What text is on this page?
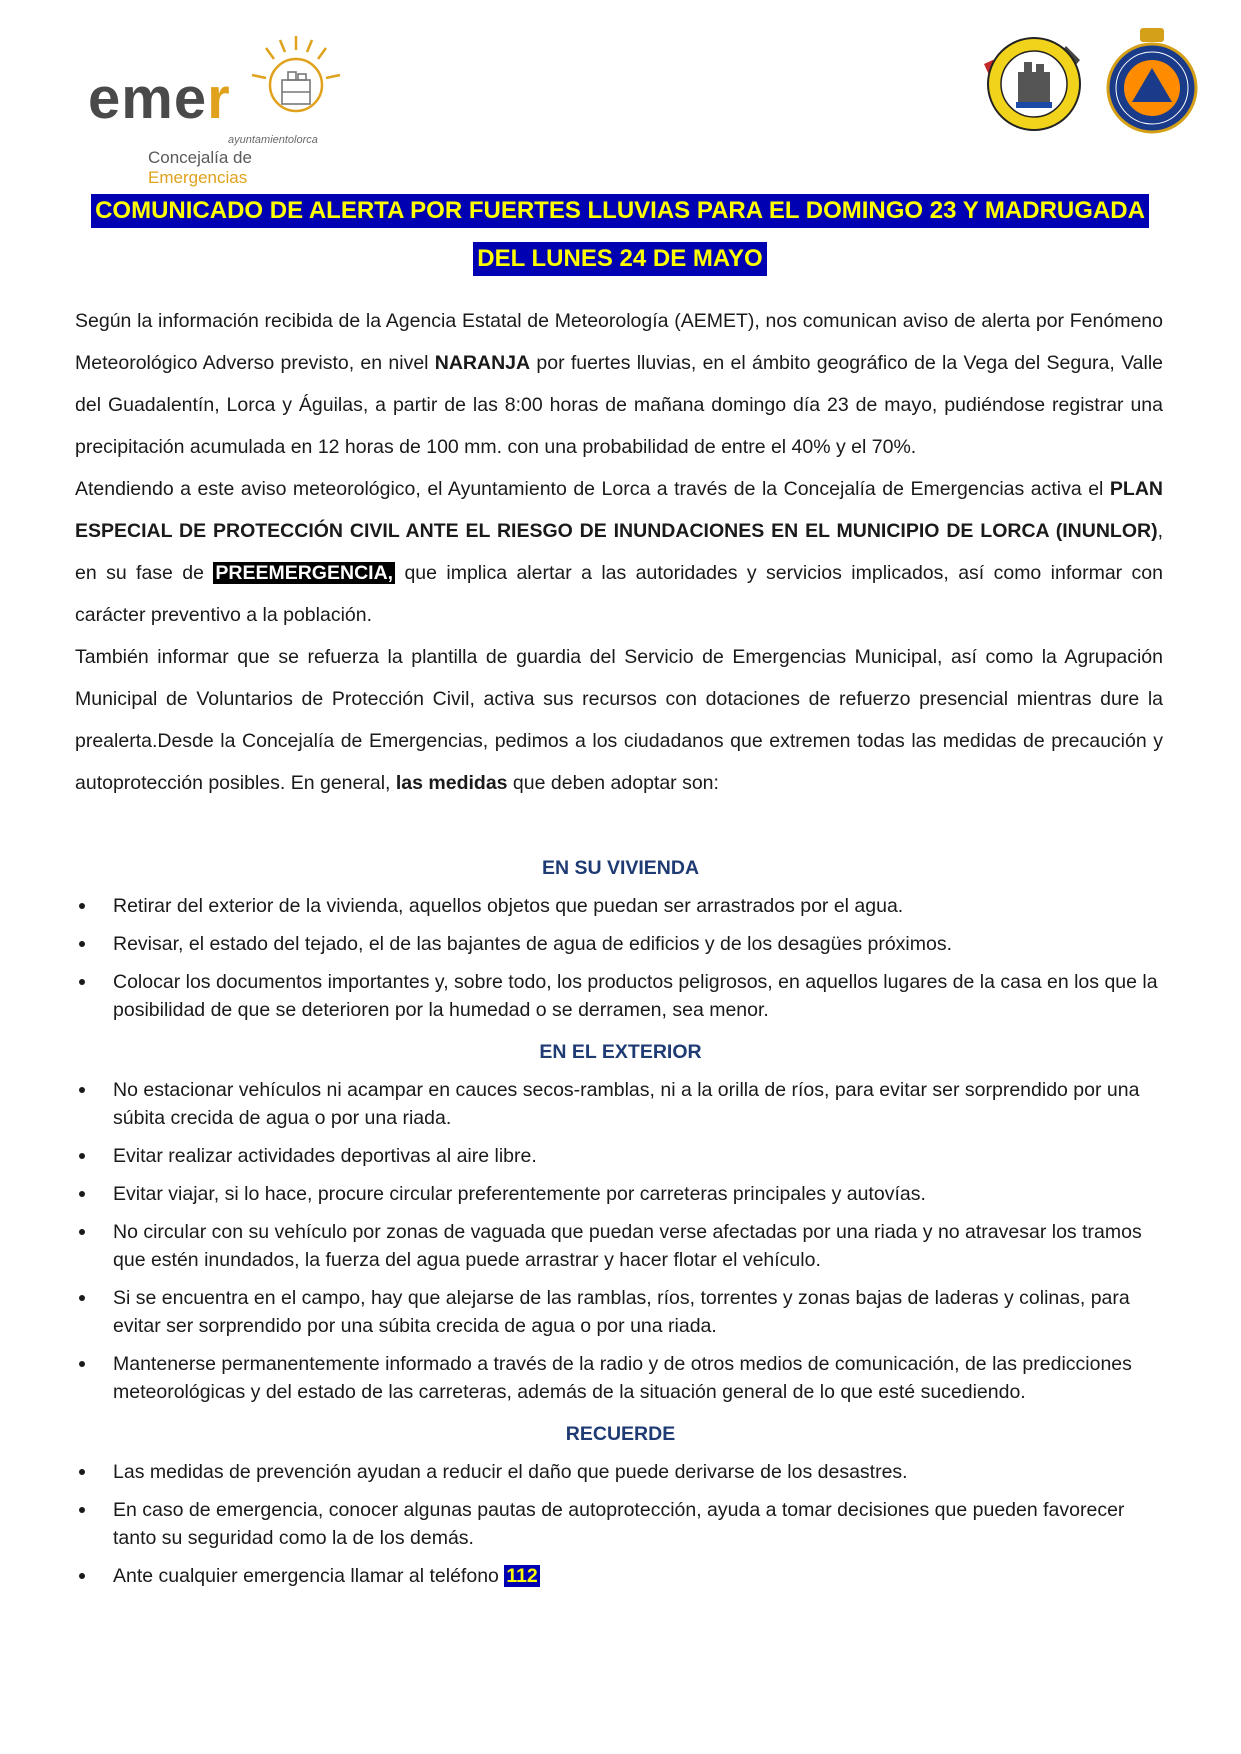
emer
ayuntamientolorca
Concejalía de Emergencias
COMUNICADO DE ALERTA POR FUERTES LLUVIAS PARA EL DOMINGO 23 Y MADRUGADA
DEL LUNES 24 DE MAYO

Según la información recibida de la Agencia Estatal de Meteorología (AEMET), nos comunican aviso de alerta por Fenómeno Meteorológico Adverso previsto, en nivel NARANJA por fuertes lluvias, en el ámbito geográfico de la Vega del Segura, Valle del Guadalentín, Lorca y Águilas, a partir de las 8:00 horas de mañana domingo día 23 de mayo, pudiéndose registrar una precipitación acumulada en 12 horas de 100 mm. con una probabilidad de entre el 40% y el 70%.

Atendiendo a este aviso meteorológico, el Ayuntamiento de Lorca a través de la Concejalía de Emergencias activa el PLAN ESPECIAL DE PROTECCIÓN CIVIL ANTE EL RIESGO DE INUNDACIONES EN EL MUNICIPIO DE LORCA (INUNLOR), en su fase de PREEMERGENCIA, que implica alertar a las autoridades y servicios implicados, así como informar con carácter preventivo a la población.

También informar que se refuerza la plantilla de guardia del Servicio de Emergencias Municipal, así como la Agrupación Municipal de Voluntarios de Protección Civil, activa sus recursos con dotaciones de refuerzo presencial mientras dure la prealerta.Desde la Concejalía de Emergencias, pedimos a los ciudadanos que extremen todas las medidas de precaución y autoprotección posibles. En general, las medidas que deben adoptar son:

EN SU VIVIENDA
Retirar del exterior de la vivienda, aquellos objetos que puedan ser arrastrados por el agua.
Revisar, el estado del tejado, el de las bajantes de agua de edificios y de los desagües próximos.
Colocar los documentos importantes y, sobre todo, los productos peligrosos, en aquellos lugares de la casa en los que la posibilidad de que se deterioren por la humedad o se derramen, sea menor.
EN EL EXTERIOR
No estacionar vehículos ni acampar en cauces secos-ramblas, ni a la orilla de ríos, para evitar ser sorprendido por una súbita crecida de agua o por una riada.
Evitar realizar actividades deportivas al aire libre.
Evitar viajar, si lo hace, procure circular preferentemente por carreteras principales y autovías.
No circular con su vehículo por zonas de vaguada que puedan verse afectadas por una riada y no atravesar los tramos que estén inundados, la fuerza del agua puede arrastrar y hacer flotar el vehículo.
Si se encuentra en el campo, hay que alejarse de las ramblas, ríos, torrentes y zonas bajas de laderas y colinas, para evitar ser sorprendido por una súbita crecida de agua o por una riada.
Mantenerse permanentemente informado a través de la radio y de otros medios de comunicación, de las predicciones meteorológicas y del estado de las carreteras, además de la situación general de lo que esté sucediendo.
RECUERDE
Las medidas de prevención ayudan a reducir el daño que puede derivarse de los desastres.
En caso de emergencia, conocer algunas pautas de autoprotección, ayuda a tomar decisiones que pueden favorecer tanto su seguridad como la de los demás.
Ante cualquier emergencia llamar al teléfono 112
